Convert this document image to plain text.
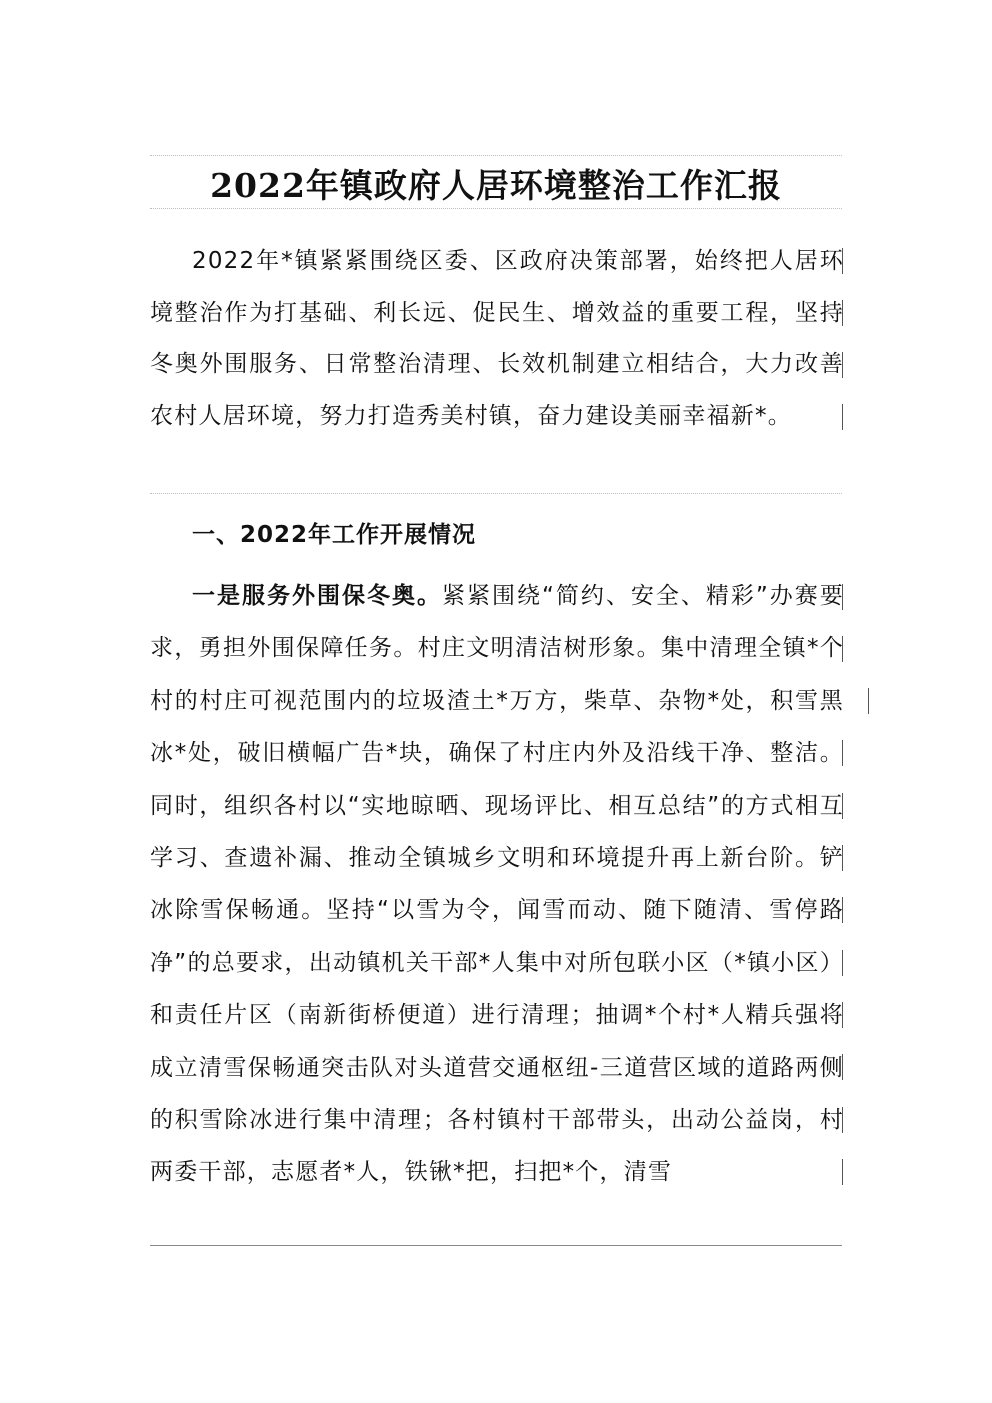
2022年镇政府人居环境整治工作汇报

2022年*镇紧紧围绕区委、区政府决策部署，始终把人居环境整治作为打基础、利长远、促民生、增效益的重要工程，坚持冬奥外围服务、日常整治清理、长效机制建立相结合，大力改善农村人居环境，努力打造秀美村镇，奋力建设美丽幸福新*。

一、2022年工作开展情况

一是服务外围保冬奥。紧紧围绕“简约、安全、精彩”办赛要求，勇担外围保障任务。村庄文明清洁树形象。集中清理全镇*个村的村庄可视范围内的垃圾渣土*万方，柴草、杂物*处，积雪黑冰*处，破旧横幅广告*块，确保了村庄内外及沿线干净、整洁。同时，组织各村以“实地晾晒、现场评比、相互总结”的方式相互学习、查遗补漏、推动全镇城乡文明和环境提升再上新台阶。铲冰除雪保畅通。坚持“以雪为令，闻雪而动、随下随清、雪停路净”的总要求，出动镇机关干部*人集中对所包联小区（*镇小区）和责任片区（南新街桥便道）进行清理；抽调*个村*人精兵强将成立清雪保畅通突击队对头道营交通枢纽-三道营区域的道路两侧的积雪除冰进行集中清理；各村镇村干部带头，出动公益岗，村两委干部，志愿者*人，铁锹*把，扫把*个，清雪
